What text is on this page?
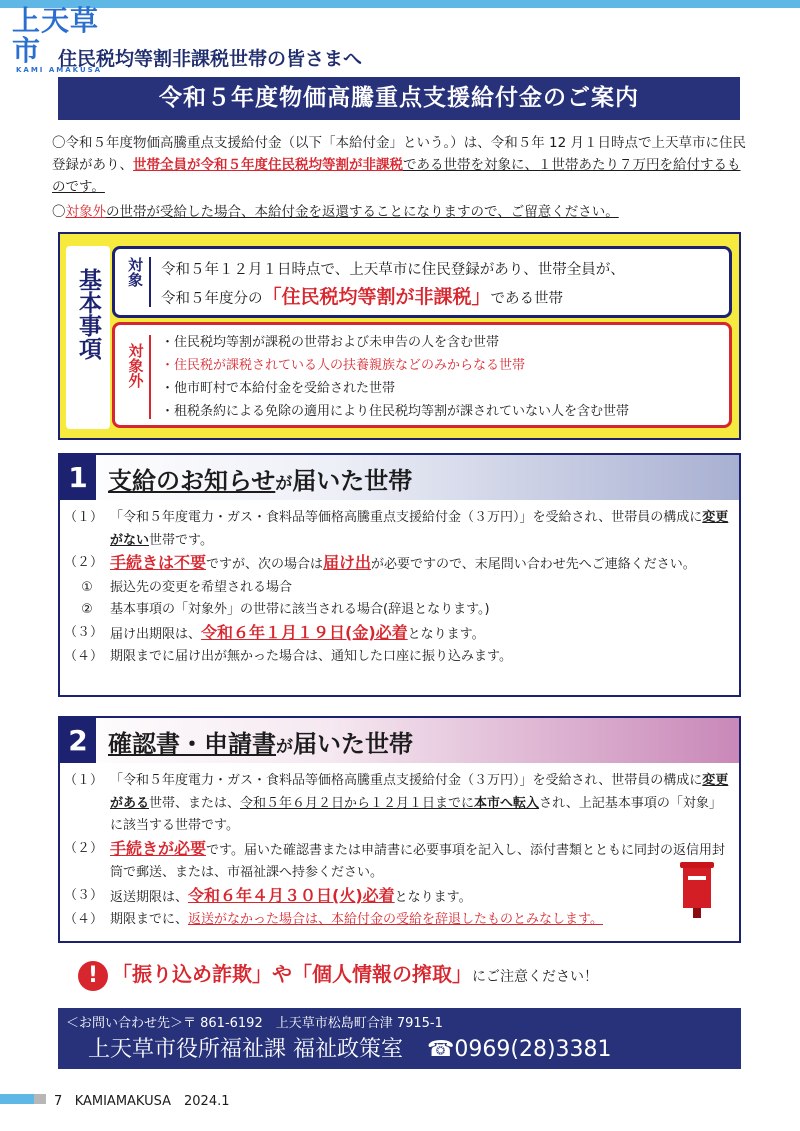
上天草市
KAMI AMAKUSA
住民税均等割非課税世帯の皆さまへ
令和５年度物価高騰重点支援給付金のご案内

〇令和５年度物価高騰重点支援給付金（以下「本給付金」という。）は、令和５年 12 月１日時点で上天草市に住民登録があり、世帯全員が令和５年度住民税均等割が非課税である世帯を対象に、１世帯あたり７万円を給付するものです。

〇対象外の世帯が受給した場合、本給付金を返還することになりますので、ご留意ください。

基本事項	対象	令和５年１２月１日時点で、上天草市に住民登録があり、世帯全員が、
令和５年度分の「住民税均等割が非課税」である世帯
対象外
・住民税均等割が課税の世帯および未申告の人を含む世帯
・住民税が課税されている人の扶養親族などのみからなる世帯
・他市町村で本給付金を受給された世帯
・租税条約による免除の適用により住民税均等割が課されていない人を含む世帯
1 支給のお知らせが届いた世帯
（１） 「令和５年度電力・ガス・食料品等価格高騰重点支援給付金（３万円）」を受給され、世帯員の構成に変更がない世帯です。
（２） 手続きは不要ですが、次の場合は届け出が必要ですので、末尾問い合わせ先へご連絡ください。
①	振込先の変更を希望される場合
②	基本事項の「対象外」の世帯に該当される場合(辞退となります。)
（３） 届け出期限は、令和６年１月１９日(金)必着となります。
（４） 期限までに届け出が無かった場合は、通知した口座に振り込みます。
2 確認書・申請書が届いた世帯
（１） 「令和５年度電力・ガス・食料品等価格高騰重点支援給付金（３万円）」を受給され、世帯員の構成に変更がある世帯、または、令和５年６月２日から１２月１日までに本市へ転入され、上記基本事項の「対象」に該当する世帯です。
（２） 手続きが必要です。届いた確認書または申請書に必要事項を記入し、添付書類とともに同封の返信用封筒で郵送、または、市福祉課へ持参ください。
（３） 返送期限は、令和６年４月３０日(火)必着となります。
（４） 期限までに、返送がなかった場合は、本給付金の受給を辞退したものとみなします。
! 「振り込め詐欺」や「個人情報の搾取」にご注意ください！
＜お問い合わせ先＞〒 861-6192　上天草市松島町合津 7915-1
上天草市役所福祉課 福祉政策室 ☎0969(28)3381
7 KAMIAMAKUSA　2024.1
